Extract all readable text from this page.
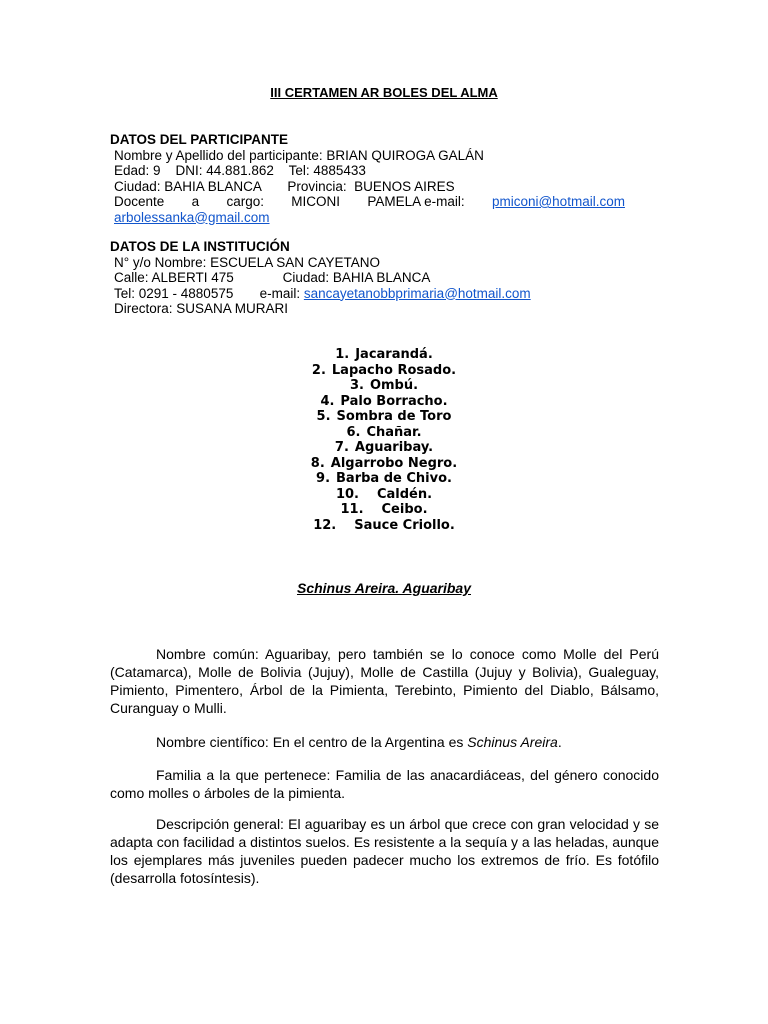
III CERTAMEN AR BOLES DEL ALMA
DATOS DEL PARTICIPANTE
Nombre y Apellido del participante: BRIAN QUIROGA GALÁN
Edad: 9    DNI: 44.881.862    Tel: 4885433
Ciudad: BAHIA BLANCA       Provincia:  BUENOS AIRES
Docente a cargo: MICONI PAMELA e-mail: pmiconi@hotmail.com
arbolessanka@gmail.com
DATOS DE LA INSTITUCIÓN
N° y/o Nombre: ESCUELA SAN CAYETANO
Calle: ALBERTI 475             Ciudad: BAHIA BLANCA
Tel: 0291 - 4880575       e-mail: sancayetanobbprimaria@hotmail.com
Directora: SUSANA MURARI
1. Jacarandá.
2. Lapacho Rosado.
3. Ombú.
4. Palo Borracho.
5. Sombra de Toro
6. Chañar.
7. Aguaribay.
8. Algarrobo Negro.
9. Barba de Chivo.
10. Caldén.
11. Ceibo.
12. Sauce Criollo.
Schinus Areira. Aguaribay

Nombre común: Aguaribay, pero también se lo conoce como Molle del Perú (Catamarca), Molle de Bolivia (Jujuy), Molle de Castilla (Jujuy y Bolivia), Gualeguay, Pimiento, Pimentero, Árbol de la Pimienta, Terebinto, Pimiento del Diablo, Bálsamo, Curanguay o Mulli.

Nombre científico: En el centro de la Argentina es Schinus Areira.

Familia a la que pertenece: Familia de las anacardiáceas, del género conocido como molles o árboles de la pimienta.

Descripción general: El aguaribay es un árbol que crece con gran velocidad y se adapta con facilidad a distintos suelos. Es resistente a la sequía y a las heladas, aunque los ejemplares más juveniles pueden padecer mucho los extremos de frío. Es fotófilo (desarrolla fotosíntesis).
